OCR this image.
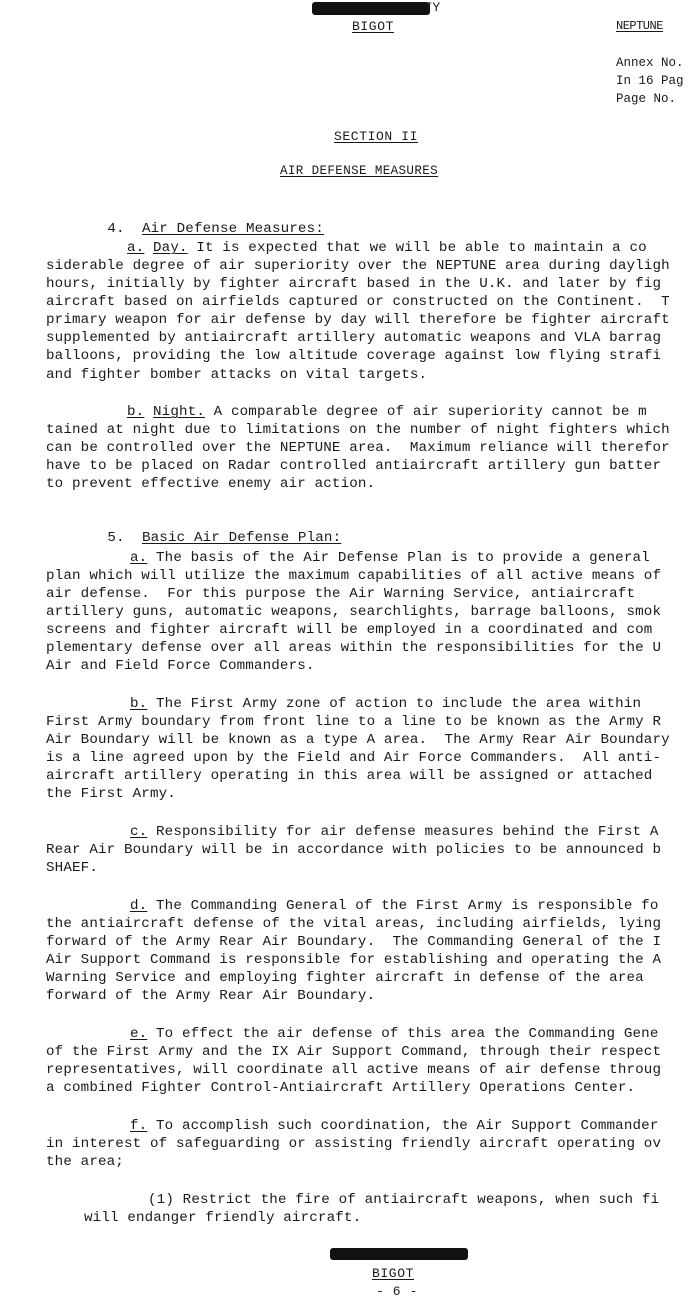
TY
BIGOT	NEPTUNE
Annex No.
In 16 Pag
Page No.
SECTION II
AIR DEFENSE MEASURES

4. Air Defense Measures:

a. Day. It is expected that we will be able to maintain a co
siderable degree of air superiority over the NEPTUNE area during dayligh
hours, initially by fighter aircraft based in the U.K. and later by fig
aircraft based on airfields captured or constructed on the Continent.  T
primary weapon for air defense by day will therefore be fighter aircraft
supplemented by antiaircraft artillery automatic weapons and VLA barrag
balloons, providing the low altitude coverage against low flying strafi
and fighter bomber attacks on vital targets.
b. Night. A comparable degree of air superiority cannot be m
tained at night due to limitations on the number of night fighters which
can be controlled over the NEPTUNE area.  Maximum reliance will therefor
have to be placed on Radar controlled antiaircraft artillery gun batter
to prevent effective enemy air action.

5. Basic Air Defense Plan:

a. The basis of the Air Defense Plan is to provide a general
plan which will utilize the maximum capabilities of all active means of
air defense.  For this purpose the Air Warning Service, antiaircraft
artillery guns, automatic weapons, searchlights, barrage balloons, smok
screens and fighter aircraft will be employed in a coordinated and com
plementary defense over all areas within the responsibilities for the U
Air and Field Force Commanders.
b. The First Army zone of action to include the area within
First Army boundary from front line to a line to be known as the Army R
Air Boundary will be known as a type A area.  The Army Rear Air Boundary
is a line agreed upon by the Field and Air Force Commanders.  All anti-
aircraft artillery operating in this area will be assigned or attached
the First Army.
c. Responsibility for air defense measures behind the First A
Rear Air Boundary will be in accordance with policies to be announced b
SHAEF.
d. The Commanding General of the First Army is responsible fo
the antiaircraft defense of the vital areas, including airfields, lying
forward of the Army Rear Air Boundary.  The Commanding General of the I
Air Support Command is responsible for establishing and operating the A
Warning Service and employing fighter aircraft in defense of the area
forward of the Army Rear Air Boundary.
e. To effect the air defense of this area the Commanding Gene
of the First Army and the IX Air Support Command, through their respect
representatives, will coordinate all active means of air defense throug
a combined Fighter Control-Antiaircraft Artillery Operations Center.
f. To accomplish such coordination, the Air Support Commander
in interest of safeguarding or assisting friendly aircraft operating ov
the area;
(1) Restrict the fire of antiaircraft weapons, when such fi
will endanger friendly aircraft.
BIGOT
- 6 -
